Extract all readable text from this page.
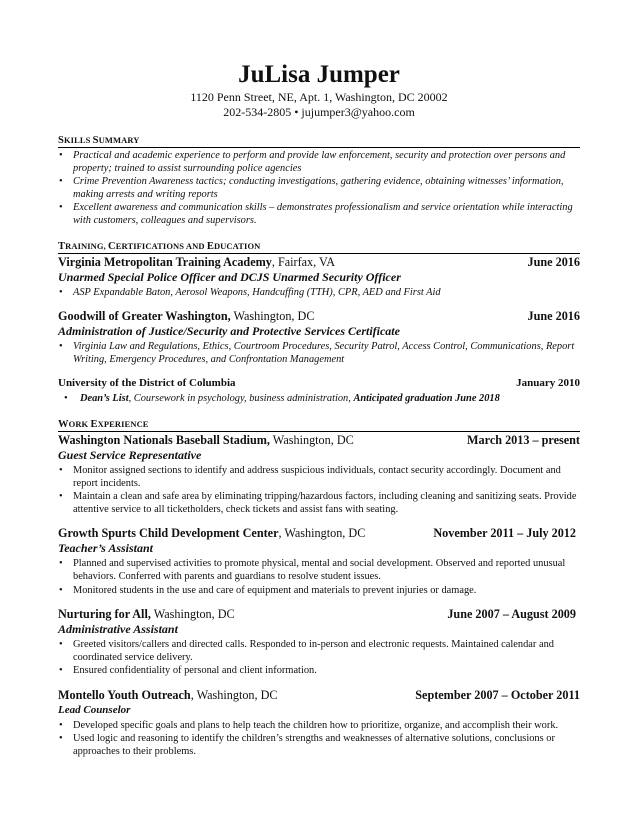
JuLisa Jumper
1120 Penn Street, NE, Apt. 1, Washington, DC 20002
202-534-2805 • jujumper3@yahoo.com
SKILLS SUMMARY
• Practical and academic experience to perform and provide law enforcement, security and protection over persons and property; trained to assist surrounding police agencies
• Crime Prevention Awareness tactics; conducting investigations, gathering evidence, obtaining witnesses’ information, making arrests and writing reports
• Excellent awareness and communication skills – demonstrates professionalism and service orientation while interacting with customers, colleagues and supervisors.
TRAINING, CERTIFICATIONS AND EDUCATION
Virginia Metropolitan Training Academy, Fairfax, VA	June 2016
Unarmed Special Police Officer and DCJS Unarmed Security Officer
• ASP Expandable Baton, Aerosol Weapons, Handcuffing (TTH), CPR, AED and First Aid
Goodwill of Greater Washington, Washington, DC	June 2016
Administration of Justice/Security and Protective Services Certificate
• Virginia Law and Regulations, Ethics, Courtroom Procedures, Security Patrol, Access Control, Communications, Report Writing, Emergency Procedures, and Confrontation Management
University of the District of Columbia	January 2010
• Dean’s List, Coursework in psychology, business administration, Anticipated graduation June 2018
WORK EXPERIENCE
Washington Nationals Baseball Stadium, Washington, DC	March 2013 – present
Guest Service Representative
• Monitor assigned sections to identify and address suspicious individuals, contact security accordingly. Document and report incidents.
• Maintain a clean and safe area by eliminating tripping/hazardous factors, including cleaning and sanitizing seats. Provide attentive service to all ticketholders, check tickets and assist fans with seating.
Growth Spurts Child Development Center, Washington, DC	November 2011 – July 2012
Teacher’s Assistant
• Planned and supervised activities to promote physical, mental and social development. Observed and reported unusual behaviors. Conferred with parents and guardians to resolve student issues.
• Monitored students in the use and care of equipment and materials to prevent injuries or damage.
Nurturing for All, Washington, DC	June 2007 – August 2009
Administrative Assistant
• Greeted visitors/callers and directed calls. Responded to in-person and electronic requests. Maintained calendar and coordinated service delivery.
• Ensured confidentiality of personal and client information.
Montello Youth Outreach, Washington, DC	September 2007 – October 2011
Lead Counselor
• Developed specific goals and plans to help teach the children how to prioritize, organize, and accomplish their work.
• Used logic and reasoning to identify the children’s strengths and weaknesses of alternative solutions, conclusions or approaches to their problems.
